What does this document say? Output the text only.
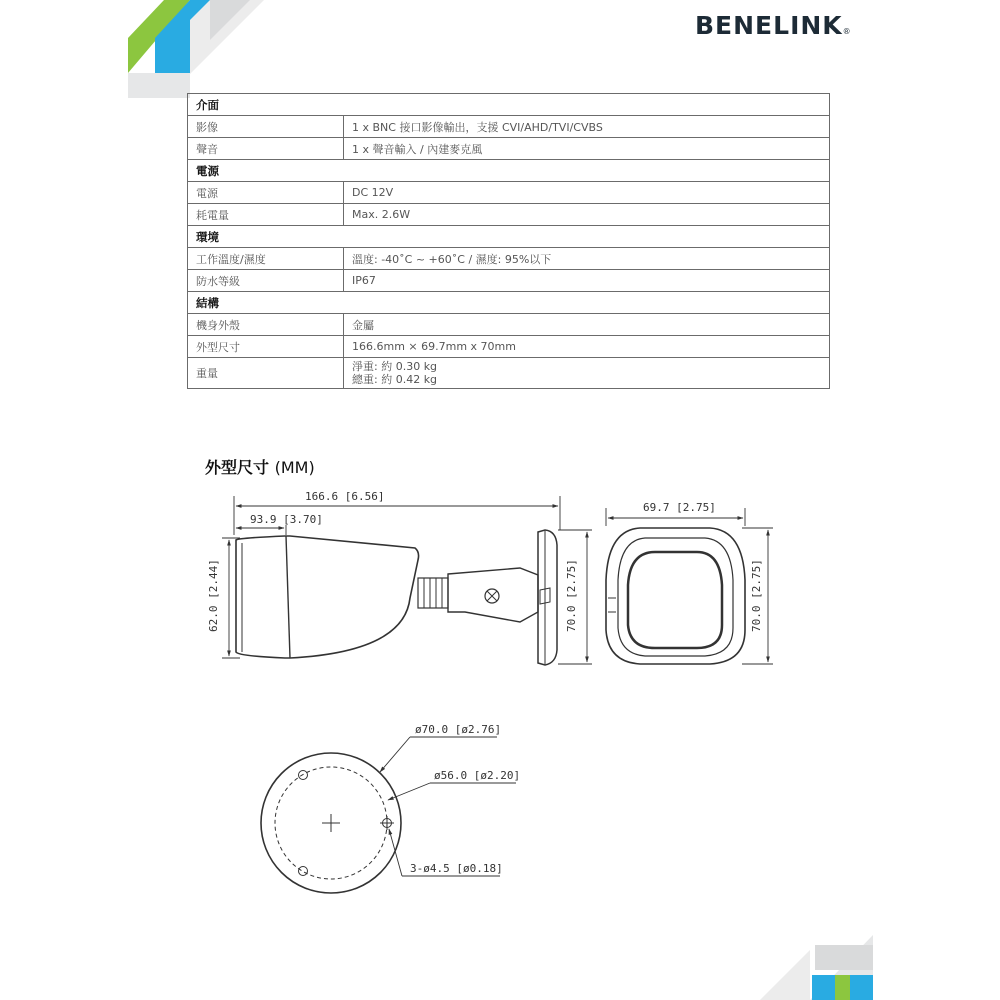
BENELINK®
介面	
影像	1 x BNC 接口影像輸出，支援 CVI/AHD/TVI/CVBS

聲音	1 x 聲音輸入 / 內建麥克風

電源	
電源	DC 12V

耗電量	Max. 2.6W

環境	
工作溫度/濕度	溫度: -40˚C ~ +60˚C / 濕度: 95%以下

防水等級	IP67

結構	
機身外殼	金屬

外型尺寸	166.6mm × 69.7mm x 70mm

重量	淨重: 約 0.30 kg
總重: 約 0.42 kg
外型尺寸 (MM)
166.6 [6.56]
93.9 [3.70]
62.0 [2.44]	70.0 [2.75]
69.7 [2.75]
70.0 [2.75]
ø70.0 [ø2.76]
ø56.0 [ø2.20]
3-ø4.5 [ø0.18]
